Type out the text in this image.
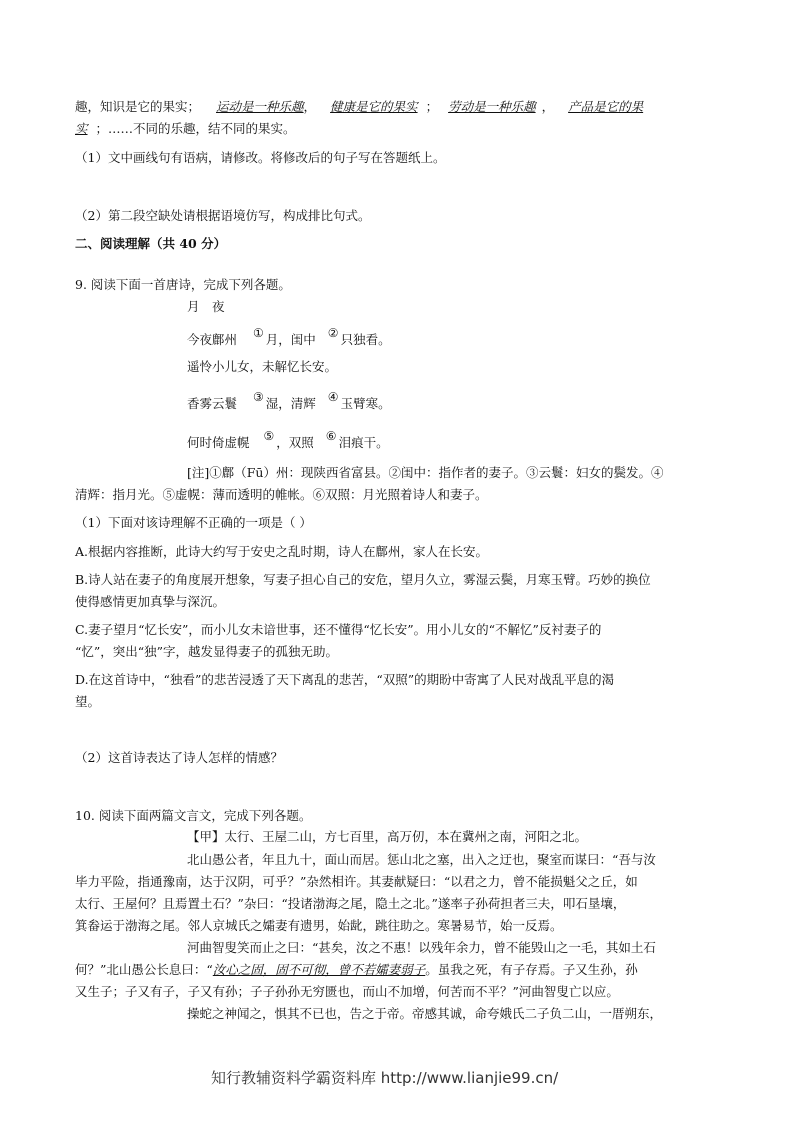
趣，知识是它的果实； 运动是一种乐趣， 健康是它的果实 ； 劳动是一种乐趣 ， 产品是它的果
实 ；……不同的乐趣，结不同的果实。
（1）文中画线句有语病，请修改。将修改后的句子写在答题纸上。
（2）第二段空缺处请根据语境仿写，构成排比句式。
二、阅读理解（共 40 分）
9. 阅读下面一首唐诗，完成下列各题。
月　夜
今夜鄜州 ① 月，闺中 ② 只独看。
遥怜小儿女，未解忆长安。
香雾云鬟 ③ 湿，清辉 ④ 玉臂寒。
何时倚虚幌 ⑤ ，双照 ⑥ 泪痕干。
[注]①鄜（Fū）州：现陕西省富县。②闺中：指作者的妻子。③云鬟：妇女的鬓发。④
清辉：指月光。⑤虚幌：薄而透明的帷帐。⑥双照：月光照着诗人和妻子。
（1）下面对该诗理解不正确的一项是（ ）
A.根据内容推断，此诗大约写于安史之乱时期，诗人在鄜州，家人在长安。
B.诗人站在妻子的角度展开想象，写妻子担心自己的安危，望月久立，雾湿云鬓，月寒玉臂。巧妙的换位
使得感情更加真挚与深沉。
C.妻子望月“忆长安”，而小儿女未谙世事，还不懂得“忆长安”。用小儿女的“不解忆”反衬妻子的
“忆”，突出“独”字，越发显得妻子的孤独无助。
D.在这首诗中，“独看”的悲苦浸透了天下离乱的悲苦，“双照”的期盼中寄寓了人民对战乱平息的渴
望。
（2）这首诗表达了诗人怎样的情感？
10. 阅读下面两篇文言文，完成下列各题。
【甲】太行、王屋二山，方七百里，高万仞，本在冀州之南，河阳之北。
北山愚公者，年且九十，面山而居。惩山北之塞，出入之迂也，聚室而谋曰：“吾与汝
毕力平险，指通豫南，达于汉阴，可乎？”杂然相许。其妻献疑曰：“以君之力，曾不能损魁父之丘，如
太行、王屋何？且焉置土石？”杂曰：“投诸渤海之尾，隐土之北。”遂率子孙荷担者三夫，叩石垦壤，
箕畚运于渤海之尾。邻人京城氏之孀妻有遗男，始龀，跳往助之。寒暑易节，始一反焉。
河曲智叟笑而止之曰：“甚矣，汝之不惠！以残年余力，曾不能毁山之一毛，其如土石
何？”北山愚公长息曰：“汝心之固，固不可彻，曾不若孀妻弱子。虽我之死，有子存焉。子又生孙，孙
又生子；子又有子，子又有孙；子子孙孙无穷匮也，而山不加增，何苦而不平？”河曲智叟亡以应。
操蛇之神闻之，惧其不已也，告之于帝。帝感其诚，命夸娥氏二子负二山，一厝朔东，
知行教辅资料学霸资料库 http://www.lianjie99.cn/
